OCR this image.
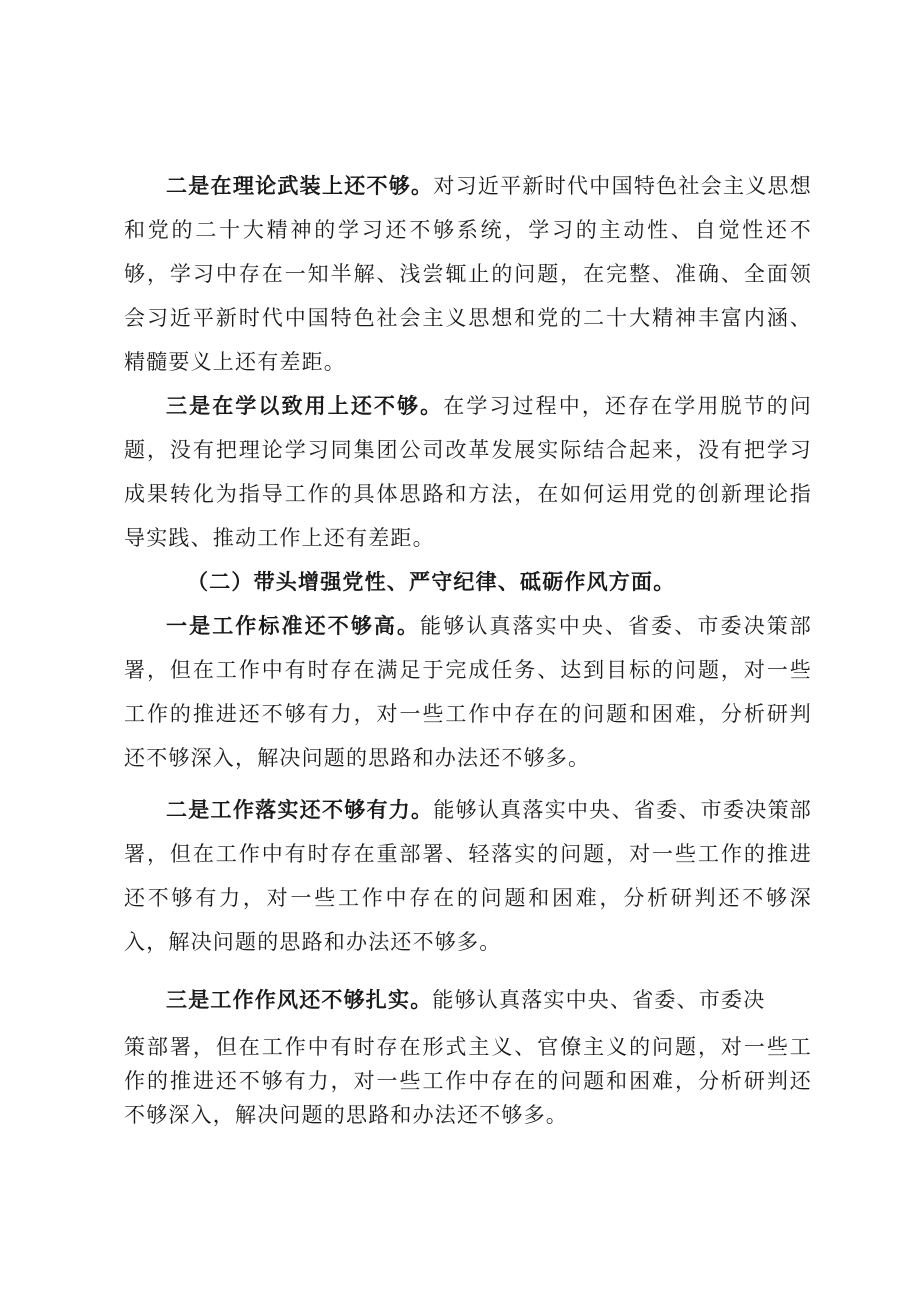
二是在理论武装上还不够。对习近平新时代中国特色社会主义思想和党的二十大精神的学习还不够系统，学习的主动性、自觉性还不够，学习中存在一知半解、浅尝辄止的问题，在完整、准确、全面领会习近平新时代中国特色社会主义思想和党的二十大精神丰富内涵、精髓要义上还有差距。

三是在学以致用上还不够。在学习过程中，还存在学用脱节的问题，没有把理论学习同集团公司改革发展实际结合起来，没有把学习成果转化为指导工作的具体思路和方法，在如何运用党的创新理论指导实践、推动工作上还有差距。

（二）带头增强党性、严守纪律、砥砺作风方面。

一是工作标准还不够高。能够认真落实中央、省委、市委决策部署，但在工作中有时存在满足于完成任务、达到目标的问题，对一些工作的推进还不够有力，对一些工作中存在的问题和困难，分析研判还不够深入，解决问题的思路和办法还不够多。

二是工作落实还不够有力。能够认真落实中央、省委、市委决策部署，但在工作中有时存在重部署、轻落实的问题，对一些工作的推进还不够有力，对一些工作中存在的问题和困难，分析研判还不够深入，解决问题的思路和办法还不够多。

三是工作作风还不够扎实。能够认真落实中央、省委、市委决

策部署，但在工作中有时存在形式主义、官僚主义的问题，对一些工作的推进还不够有力，对一些工作中存在的问题和困难，分析研判还不够深入，解决问题的思路和办法还不够多。
